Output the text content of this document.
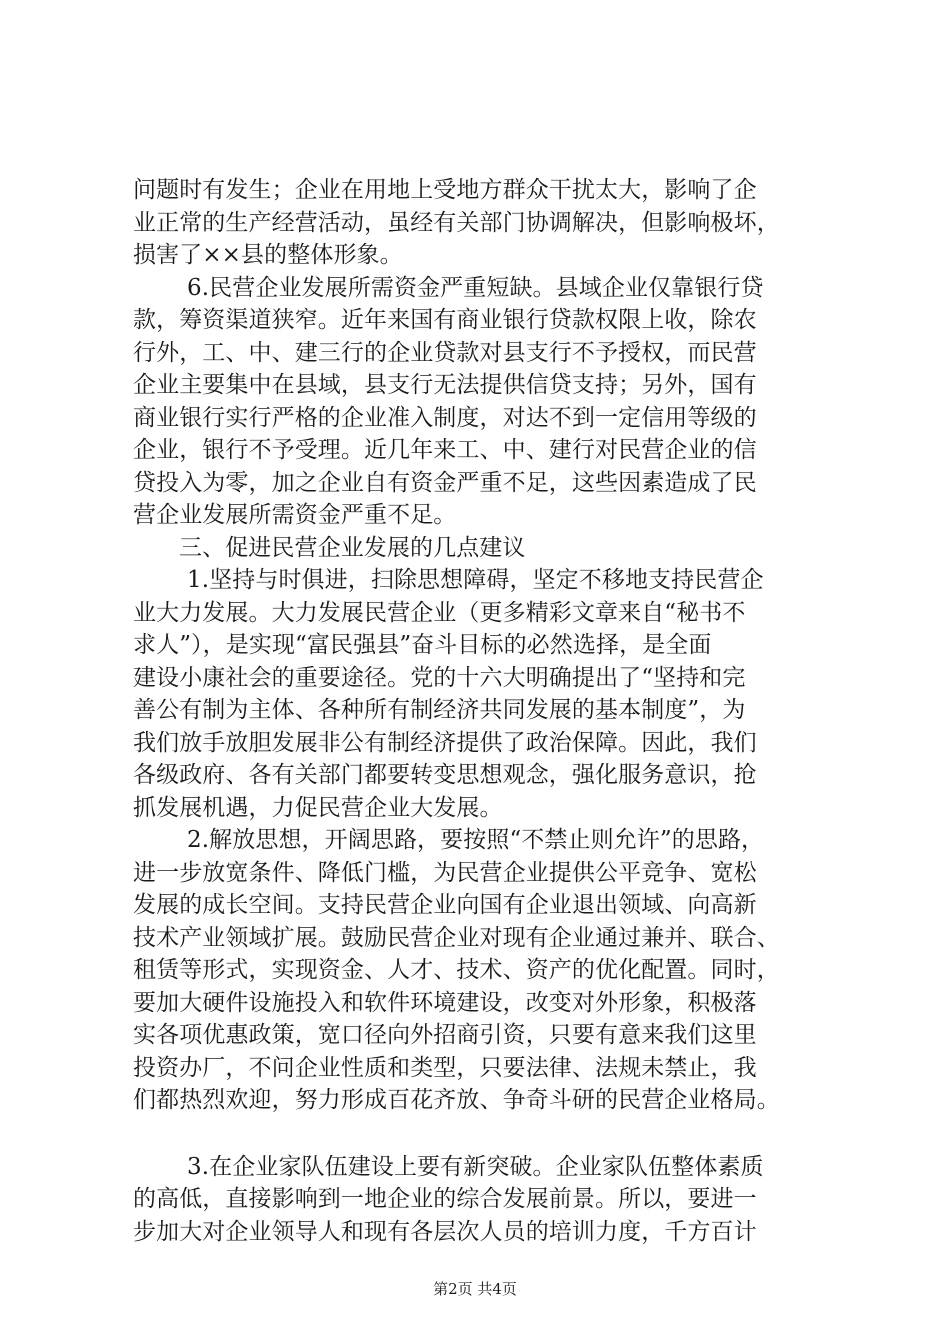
问题时有发生；企业在用地上受地方群众干扰太大，影响了企
业正常的生产经营活动，虽经有关部门协调解决，但影响极坏，
损害了××县的整体形象。
6.民营企业发展所需资金严重短缺。县域企业仅靠银行贷
款，筹资渠道狭窄。近年来国有商业银行贷款权限上收，除农
行外，工、中、建三行的企业贷款对县支行不予授权，而民营
企业主要集中在县域，县支行无法提供信贷支持；另外，国有
商业银行实行严格的企业准入制度，对达不到一定信用等级的
企业，银行不予受理。近几年来工、中、建行对民营企业的信
贷投入为零，加之企业自有资金严重不足，这些因素造成了民
营企业发展所需资金严重不足。
三、促进民营企业发展的几点建议
1.坚持与时俱进，扫除思想障碍，坚定不移地支持民营企
业大力发展。大力发展民营企业（更多精彩文章来自“秘书不
求人”），是实现“富民强县”奋斗目标的必然选择，是全面
建设小康社会的重要途径。党的十六大明确提出了“坚持和完
善公有制为主体、各种所有制经济共同发展的基本制度”，为
我们放手放胆发展非公有制经济提供了政治保障。因此，我们
各级政府、各有关部门都要转变思想观念，强化服务意识，抢
抓发展机遇，力促民营企业大发展。
2.解放思想，开阔思路，要按照“不禁止则允许”的思路，
进一步放宽条件、降低门槛，为民营企业提供公平竞争、宽松
发展的成长空间。支持民营企业向国有企业退出领域、向高新
技术产业领域扩展。鼓励民营企业对现有企业通过兼并、联合、
租赁等形式，实现资金、人才、技术、资产的优化配置。同时，
要加大硬件设施投入和软件环境建设，改变对外形象，积极落
实各项优惠政策，宽口径向外招商引资，只要有意来我们这里
投资办厂，不问企业性质和类型，只要法律、法规未禁止，我
们都热烈欢迎，努力形成百花齐放、争奇斗研的民营企业格局。
3.在企业家队伍建设上要有新突破。企业家队伍整体素质
的高低，直接影响到一地企业的综合发展前景。所以，要进一
步加大对企业领导人和现有各层次人员的培训力度，千方百计
第2页 共4页
